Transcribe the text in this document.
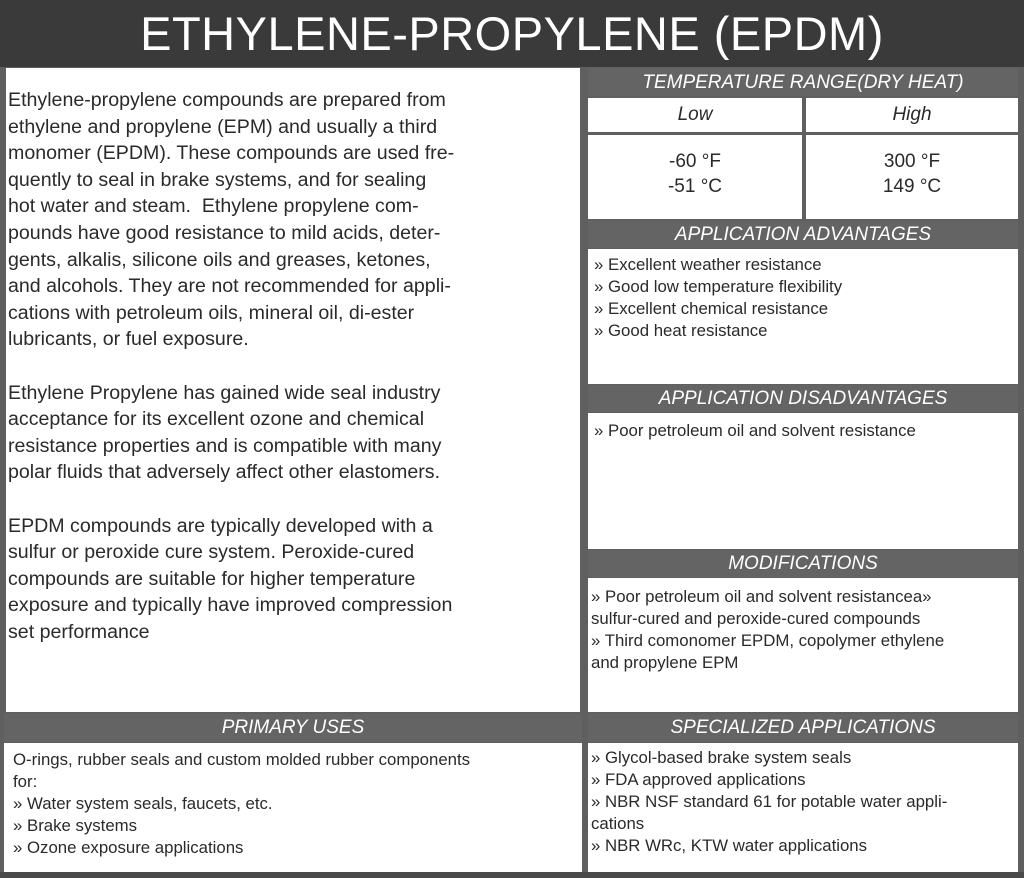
ETHYLENE-PROPYLENE (EPDM)

Ethylene-propylene compounds are prepared from
ethylene and propylene (EPM) and usually a third
monomer (EPDM). These compounds are used fre-
quently to seal in brake systems, and for sealing
hot water and steam.  Ethylene propylene com-
pounds have good resistance to mild acids, deter-
gents, alkalis, silicone oils and greases, ketones,
and alcohols. They are not recommended for appli-
cations with petroleum oils, mineral oil, di-ester
lubricants, or fuel exposure.

Ethylene Propylene has gained wide seal industry
acceptance for its excellent ozone and chemical
resistance properties and is compatible with many
polar fluids that adversely affect other elastomers.

EPDM compounds are typically developed with a
sulfur or peroxide cure system. Peroxide-cured
compounds are suitable for higher temperature
exposure and typically have improved compression
set performance

TEMPERATURE RANGE(DRY HEAT)
Low	High
-60 °F
-51 °C
300 °F
149 °C
APPLICATION ADVANTAGES
» Excellent weather resistance
» Good low temperature flexibility
» Excellent chemical resistance
» Good heat resistance
APPLICATION DISADVANTAGES
» Poor petroleum oil and solvent resistance
MODIFICATIONS
» Poor petroleum oil and solvent resistancea»
sulfur-cured and peroxide-cured compounds
» Third comonomer EPDM, copolymer ethylene
and propylene EPM
PRIMARY USES
O-rings, rubber seals and custom molded rubber components
for:
» Water system seals, faucets, etc.
» Brake systems
» Ozone exposure applications
SPECIALIZED APPLICATIONS
» Glycol-based brake system seals
» FDA approved applications
» NBR NSF standard 61 for potable water appli-
cations
» NBR WRc, KTW water applications
